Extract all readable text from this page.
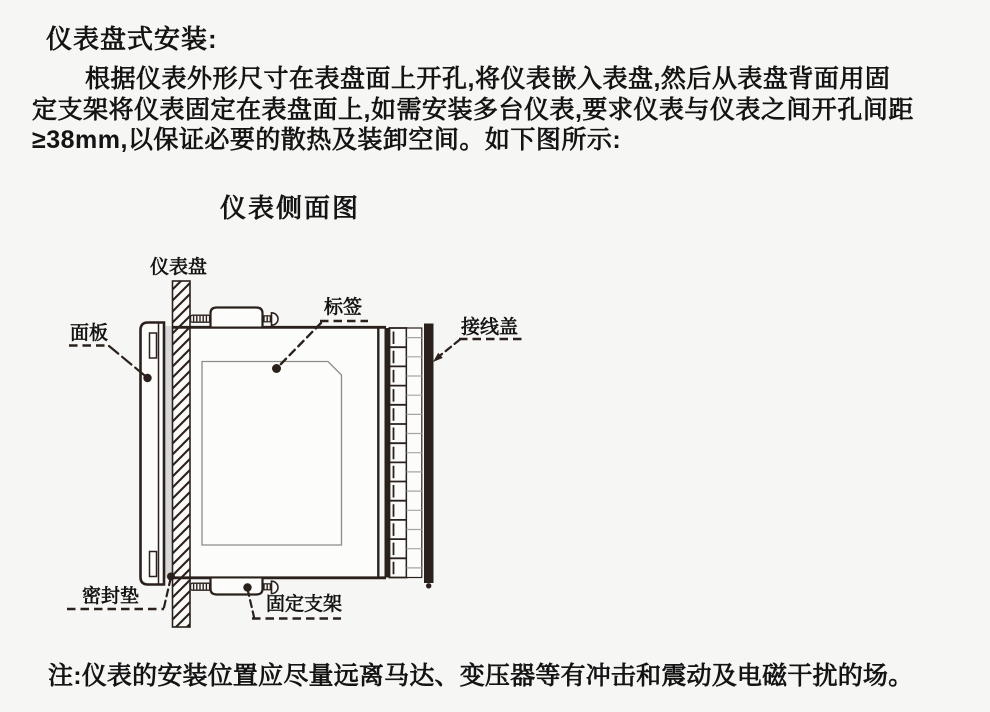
仪表盘式安装:
根据仪表外形尺寸在表盘面上开孔,将仪表嵌入表盘,然后从表盘背面用固
定支架将仪表固定在表盘面上,如需安装多台仪表,要求仪表与仪表之间开孔间距
≥38mm,以保证必要的散热及装卸空间。如下图所示:
仪表侧面图
仪表盘
面板
标签
接线盖
密封垫	固定支架
注:仪表的安装位置应尽量远离马达、变压器等有冲击和震动及电磁干扰的场。
